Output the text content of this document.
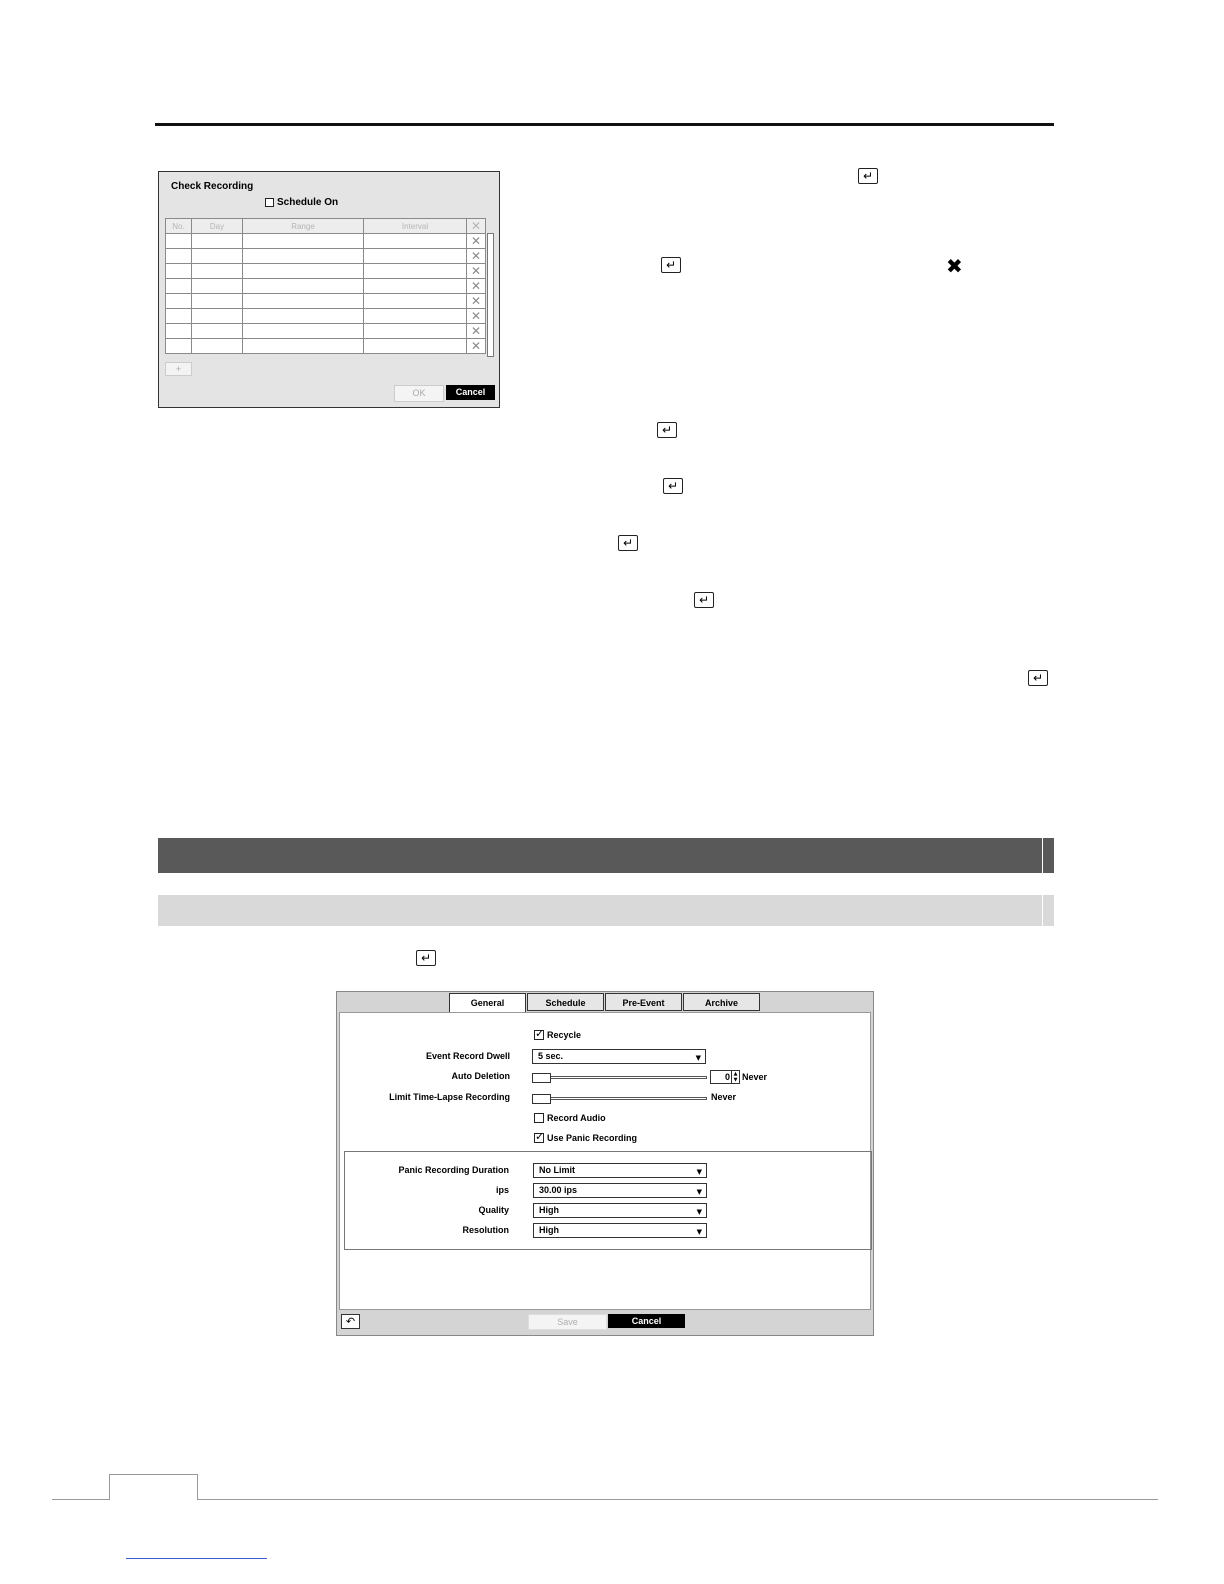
Check Recording
Schedule On
No.	Day	Range	Interval	✕
				✕
				✕
				✕
				✕
				✕
				✕
				✕
				✕
+
OK	Cancel
↵
↵	✖
↵
↵
↵
↵
↵
↵
General	Schedule	Pre-Event	Archive
✓
Recycle
Event Record Dwell	5 sec.	▼
Auto Deletion	0 ▲
▼ Never
Limit Time-Lapse Recording	Never
Record Audio
✓
Use Panic Recording
Panic Recording Duration	No Limit	▼
ips	30.00 ips	▼
Quality	High	▼
Resolution	High	▼
↶	Save	Cancel
